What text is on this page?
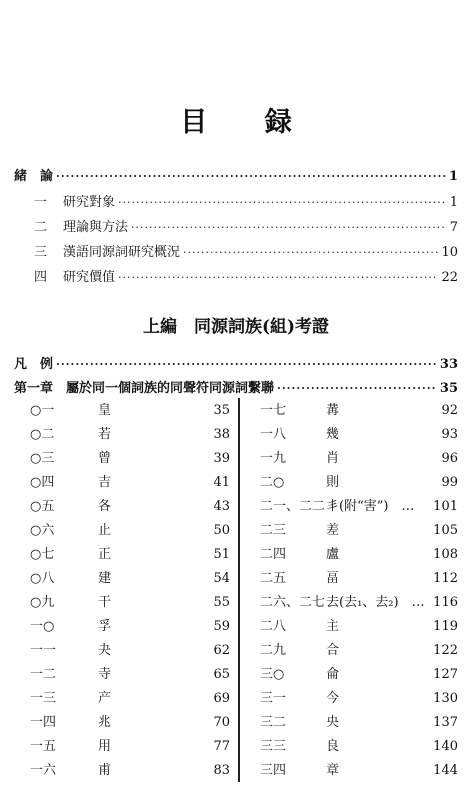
目 録
緒　論 ·····	1
一 研究對象 ·····	1
二 理論與方法 ·····	7
三 漢語同源詞研究概況 ·····	10
四 研究價值 ·····	22
上編　同源詞族(組)考證
凡　例 ·····	33
第一章　屬於同一個詞族的同聲符同源詞繫聯 ·····	35
○一	皇	35
○二	若	38
○三	曾	39
○四	吉	41
○五	各	43
○六	止	50
○七	正	51
○八	建	54
○九	干	55
一○	孚	59
一一	夬	62
一二	寺	65
一三	产	69
一四	兆	70
一五	用	77
一六	甫	83
一七	冓	92
一八	幾	93
一九	肖	96
二○	則	99
二一、二二 丯(附“害”)　… 101
二三	差	105
二四	盧	108
二五	畐	112
二六、二七 去(去₁、去₂)　… 116
二八	主	119
二九	合	122
三○	侖	127
三一	今	130
三二	央	137
三三	良	140
三四	章	144
